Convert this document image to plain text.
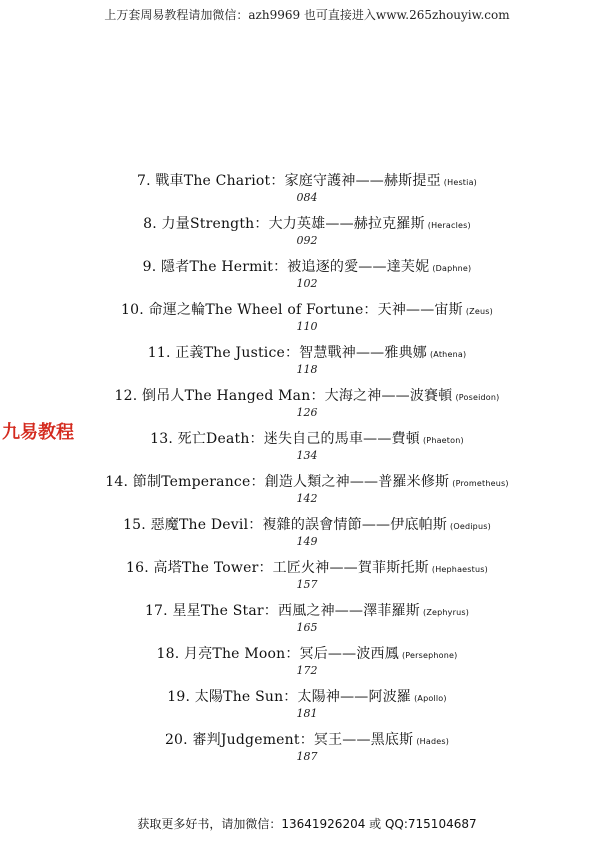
上万套周易教程请加微信：azh9969 也可直接进入www.265zhouyiw.com
九易教程
7. 戰車The Chariot：家庭守護神——赫斯提亞 (Hestia)
084
8. 力量Strength：大力英雄——赫拉克羅斯 (Heracles)
092
9. 隱者The Hermit：被追逐的愛——達芙妮 (Daphne)
102
10. 命運之輪The Wheel of Fortune：天神——宙斯 (Zeus)
110
11. 正義The Justice：智慧戰神——雅典娜 (Athena)
118
12. 倒吊人The Hanged Man：大海之神——波賽頓 (Poseidon)
126
13. 死亡Death：迷失自己的馬車——費頓 (Phaeton)
134
14. 節制Temperance：創造人類之神——普羅米修斯 (Prometheus)
142
15. 惡魔The Devil：複雜的誤會情節——伊底帕斯 (Oedipus)
149
16. 高塔The Tower：工匠火神——賀菲斯托斯 (Hephaestus)
157
17. 星星The Star：西風之神——澤菲羅斯 (Zephyrus)
165
18. 月亮The Moon：冥后——波西鳳 (Persephone)
172
19. 太陽The Sun：太陽神——阿波羅 (Apollo)
181
20. 審判Judgement：冥王——黑底斯 (Hades)
187
获取更多好书，请加微信：13641926204 或 QQ:715104687
